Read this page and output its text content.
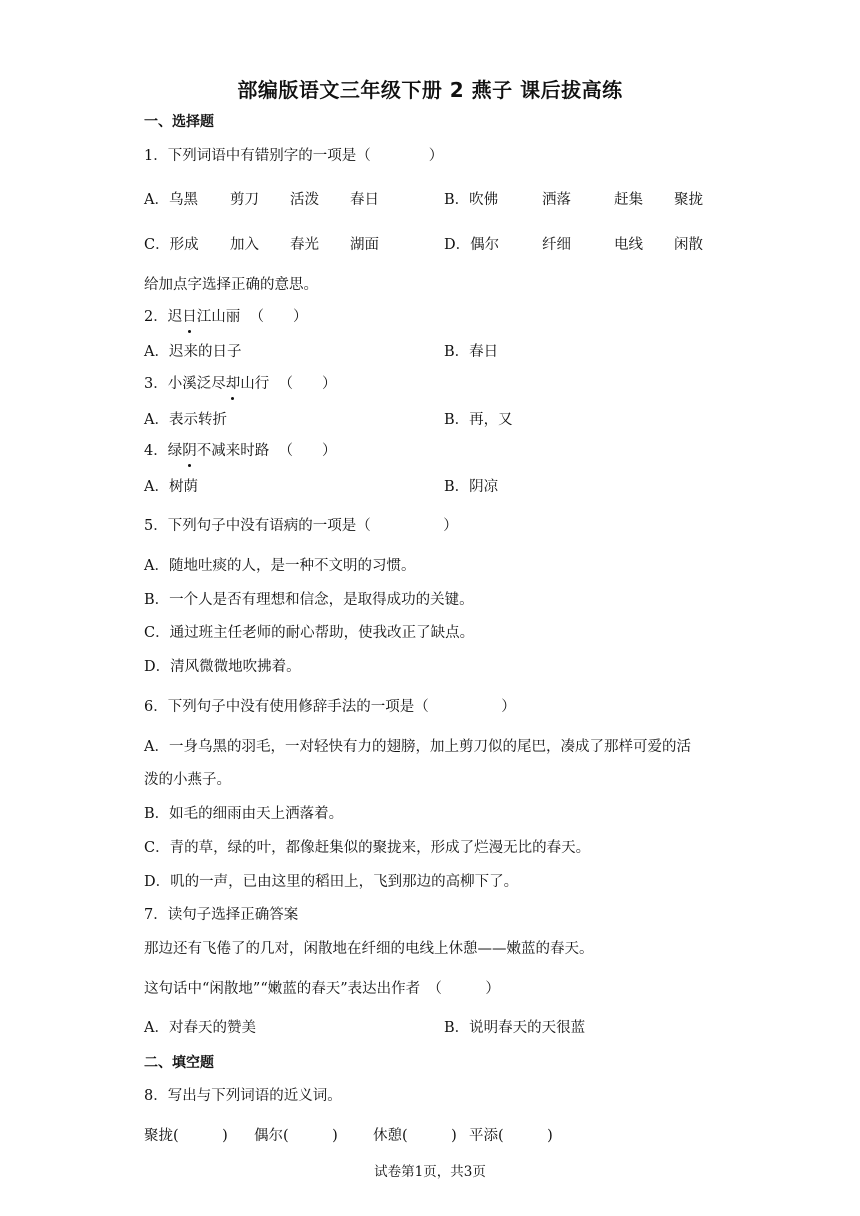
部编版语文三年级下册 2 燕子 课后拔高练
一、选择题
1．下列词语中有错别字的一项是（　　　　）
A．乌黑 剪刀 活泼 春日	B．吹佛	洒落	赶集 聚拢
C．形成 加入 春光 湖面	D．偶尔	纤细	电线 闲散
给加点字选择正确的意思。
2．迟日江山丽 （　　）
A．迟来的日子	B．春日
3．小溪泛尽却山行 （　　）
A．表示转折	B．再，又
4．绿阴不减来时路 （　　）
A．树荫	B．阴凉
5．下列句子中没有语病的一项是（　　　　　）
A．随地吐痰的人，是一种不文明的习惯。
B．一个人是否有理想和信念，是取得成功的关键。
C．通过班主任老师的耐心帮助，使我改正了缺点。
D．清风微微地吹拂着。
6．下列句子中没有使用修辞手法的一项是（　　　　　）
A．一身乌黑的羽毛，一对轻快有力的翅膀，加上剪刀似的尾巴，凑成了那样可爱的活
泼的小燕子。
B．如毛的细雨由天上洒落着。
C．青的草，绿的叶，都像赶集似的聚拢来，形成了烂漫无比的春天。
D．叽的一声，已由这里的稻田上，飞到那边的高柳下了。
7．读句子选择正确答案
那边还有飞倦了的几对，闲散地在纤细的电线上休憩——嫩蓝的春天。
这句话中“闲散地”“嫩蓝的春天”表达出作者　（　　　）
A．对春天的赞美	B．说明春天的天很蓝
二、填空题
8．写出与下列词语的近义词。
聚拢(　　　) 偶尔(　　　) 休憩(　　　) 平添(　　　)
试卷第1页，共3页
